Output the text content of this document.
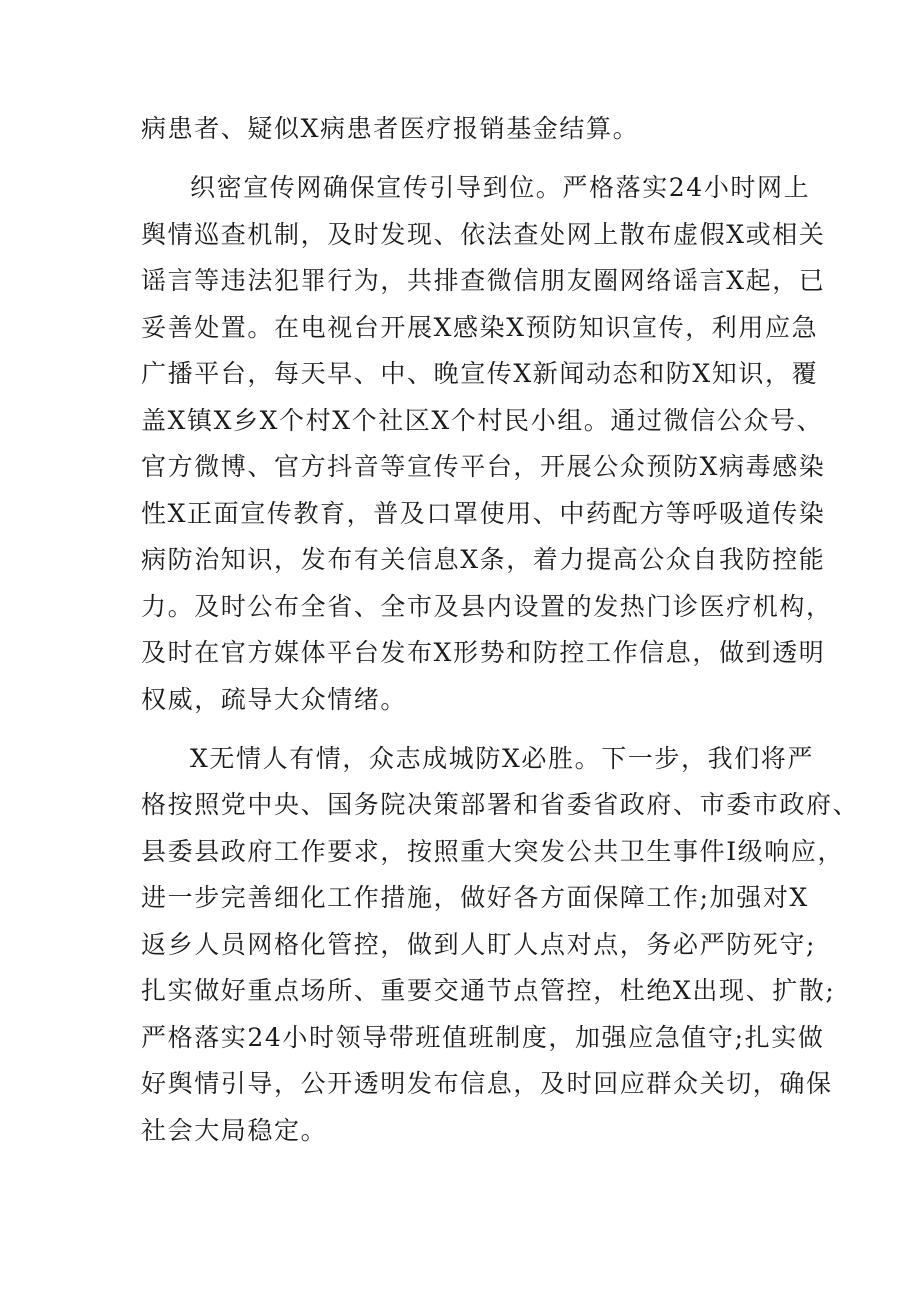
病患者、疑似X病患者医疗报销基金结算。
织密宣传网确保宣传引导到位。严格落实24小时网上
舆情巡查机制，及时发现、依法查处网上散布虚假X或相关
谣言等违法犯罪行为，共排查微信朋友圈网络谣言X起，已
妥善处置。在电视台开展X感染X预防知识宣传，利用应急
广播平台，每天早、中、晚宣传X新闻动态和防X知识，覆
盖X镇X乡X个村X个社区X个村民小组。通过微信公众号、
官方微博、官方抖音等宣传平台，开展公众预防X病毒感染
性X正面宣传教育，普及口罩使用、中药配方等呼吸道传染
病防治知识，发布有关信息X条，着力提高公众自我防控能
力。及时公布全省、全市及县内设置的发热门诊医疗机构，
及时在官方媒体平台发布X形势和防控工作信息，做到透明
权威，疏导大众情绪。
X无情人有情，众志成城防X必胜。下一步，我们将严
格按照党中央、国务院决策部署和省委省政府、市委市政府、
县委县政府工作要求，按照重大突发公共卫生事件I级响应，
进一步完善细化工作措施，做好各方面保障工作;加强对X
返乡人员网格化管控，做到人盯人点对点，务必严防死守;
扎实做好重点场所、重要交通节点管控，杜绝X出现、扩散;
严格落实24小时领导带班值班制度，加强应急值守;扎实做
好舆情引导，公开透明发布信息，及时回应群众关切，确保
社会大局稳定。
